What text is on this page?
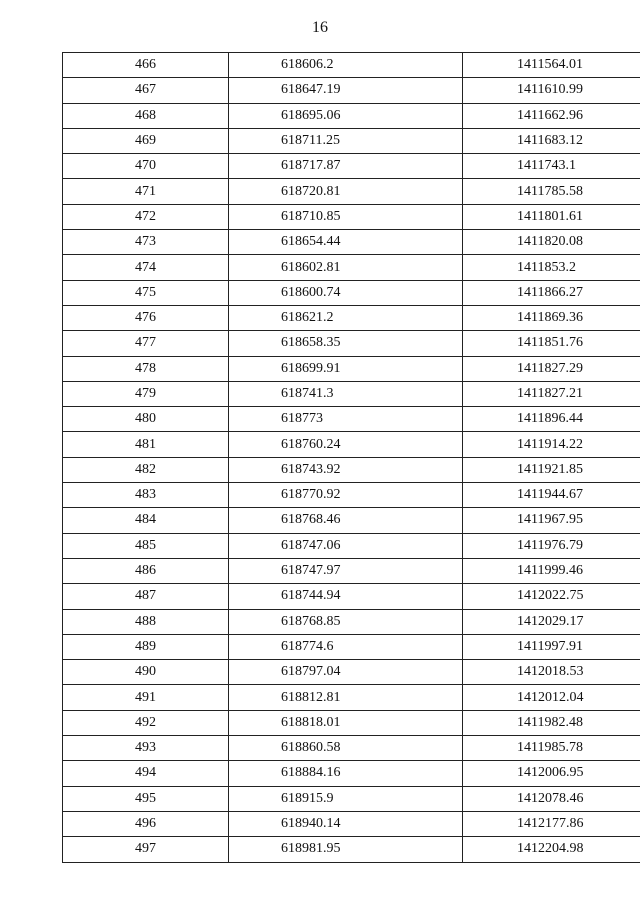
16
466	618606.2	1411564.01
467	618647.19	1411610.99
468	618695.06	1411662.96
469	618711.25	1411683.12
470	618717.87	1411743.1
471	618720.81	1411785.58
472	618710.85	1411801.61
473	618654.44	1411820.08
474	618602.81	1411853.2
475	618600.74	1411866.27
476	618621.2	1411869.36
477	618658.35	1411851.76
478	618699.91	1411827.29
479	618741.3	1411827.21
480	618773	1411896.44
481	618760.24	1411914.22
482	618743.92	1411921.85
483	618770.92	1411944.67
484	618768.46	1411967.95
485	618747.06	1411976.79
486	618747.97	1411999.46
487	618744.94	1412022.75
488	618768.85	1412029.17
489	618774.6	1411997.91
490	618797.04	1412018.53
491	618812.81	1412012.04
492	618818.01	1411982.48
493	618860.58	1411985.78
494	618884.16	1412006.95
495	618915.9	1412078.46
496	618940.14	1412177.86
497	618981.95	1412204.98
